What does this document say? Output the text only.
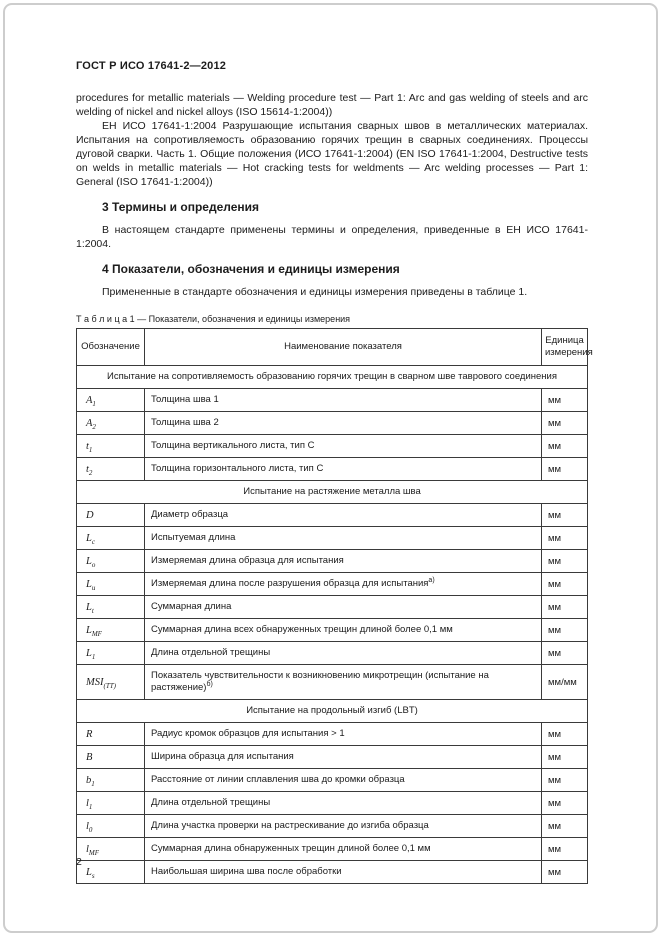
ГОСТ Р ИСО 17641-2—2012

procedures for metallic materials — Welding procedure test — Part 1: Arc and gas welding of steels and arc welding of nickel and nickel alloys (ISO 15614-1:2004))

ЕН ИСО 17641-1:2004 Разрушающие испытания сварных швов в металлических материалах. Испытания на сопротивляемость образованию горячих трещин в сварных соединениях. Процессы дуговой сварки. Часть 1. Общие положения (ИСО 17641-1:2004) (EN ISO 17641-1:2004, Destructive tests on welds in metallic materials — Hot cracking tests for weldments — Arc welding processes — Part 1: General (ISO 17641-1:2004))

3 Термины и определения

В настоящем стандарте применены термины и определения, приведенные в ЕН ИСО 17641-1:2004.

4 Показатели, обозначения и единицы измерения

Примененные в стандарте обозначения и единицы измерения приведены в таблице 1.

Т а б л и ц а 1 — Показатели, обозначения и единицы измерения
Обозначение	Наименование показателя	Единица измерения
Испытание на сопротивляемость образованию горячих трещин в сварном шве таврового соединения		
$A_1$	Толщина шва 1	мм
$A_2$	Толщина шва 2	мм
$t_1$	Толщина вертикального листа, тип С	мм
$t_2$	Толщина горизонтального листа, тип С	мм
Испытание на растяжение металла шва		
D	Диаметр образца	мм
$L_c$	Испытуемая длина	мм
$L_o$	Измеряемая длина образца для испытания	мм
$L_u$	Измеряемая длина после разрушения образца для испытания$^{а)}$	мм
$L_t$	Суммарная длина	мм
$L_{MF}$	Суммарная длина всех обнаруженных трещин длиной более 0,1 мм	мм
$L_1$	Длина отдельной трещины	мм
$MSI_{(TT)}$	Показатель чувствительности к возникновению микротрещин (испытание на растяжение)$^{б)}$	мм/мм
Испытание на продольный изгиб (LBT)		
R	Радиус кромок образцов для испытания > 1	мм
B	Ширина образца для испытания	мм
$b_1$	Расстояние от линии сплавления шва до кромки образца	мм
$l_1$	Длина отдельной трещины	мм
$l_0$	Длина участка проверки на растрескивание до изгиба образца	мм
$l_{MF}$	Суммарная длина обнаруженных трещин длиной более 0,1 мм	мм
$L_s$	Наибольшая ширина шва после обработки	мм
2
